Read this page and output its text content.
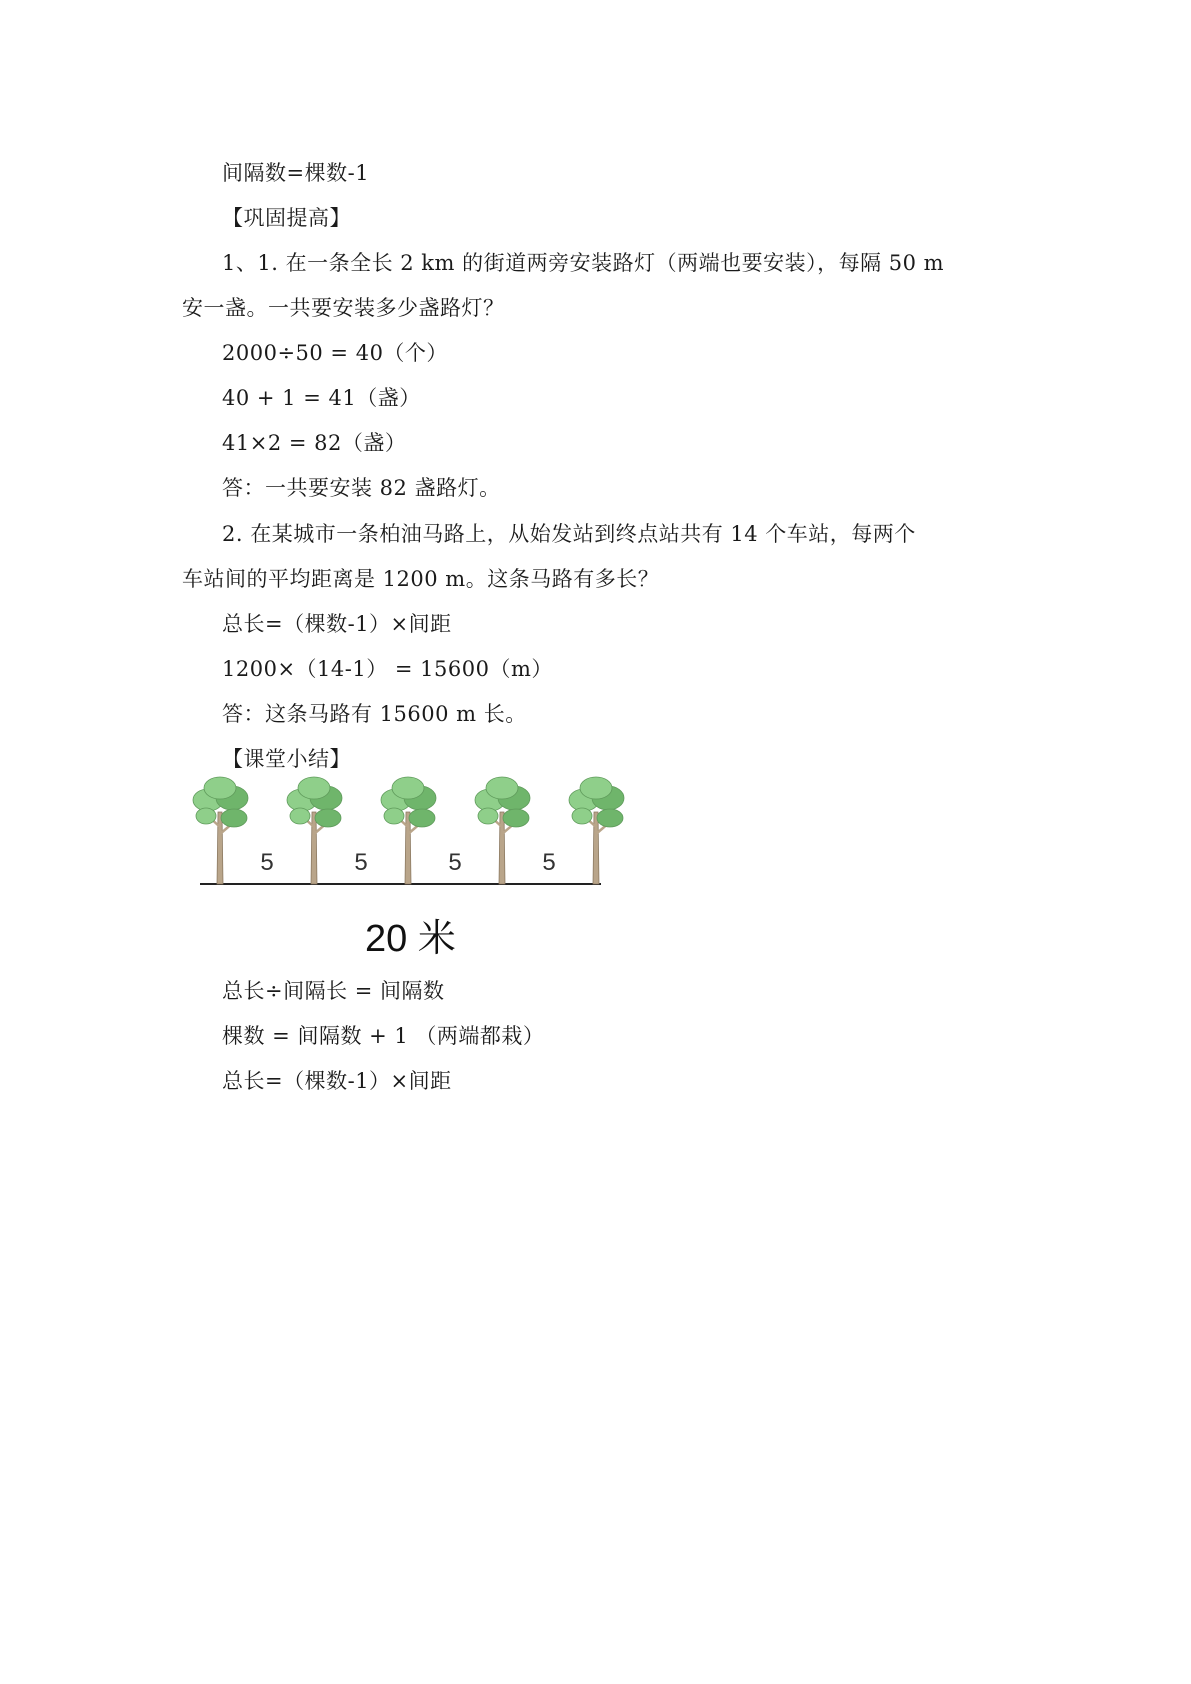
间隔数=棵数-1
【巩固提高】
1、1. 在一条全长 2 km 的街道两旁安装路灯（两端也要安装），每隔 50 m
安一盏。一共要安装多少盏路灯？
2000÷50 = 40（个）
40 + 1 = 41（盏）
41×2 = 82（盏）
答：一共要安装 82 盏路灯。
2. 在某城市一条柏油马路上，从始发站到终点站共有 14 个车站，每两个
车站间的平均距离是 1200 m。这条马路有多长？
总长=（棵数-1）×间距
1200×（14-1） = 15600（m）
答：这条马路有 15600 m 长。
【课堂小结】
5	5	5	5
20 米
总长÷间隔长 = 间隔数
棵数 = 间隔数 + 1 （两端都栽）
总长=（棵数-1）×间距
